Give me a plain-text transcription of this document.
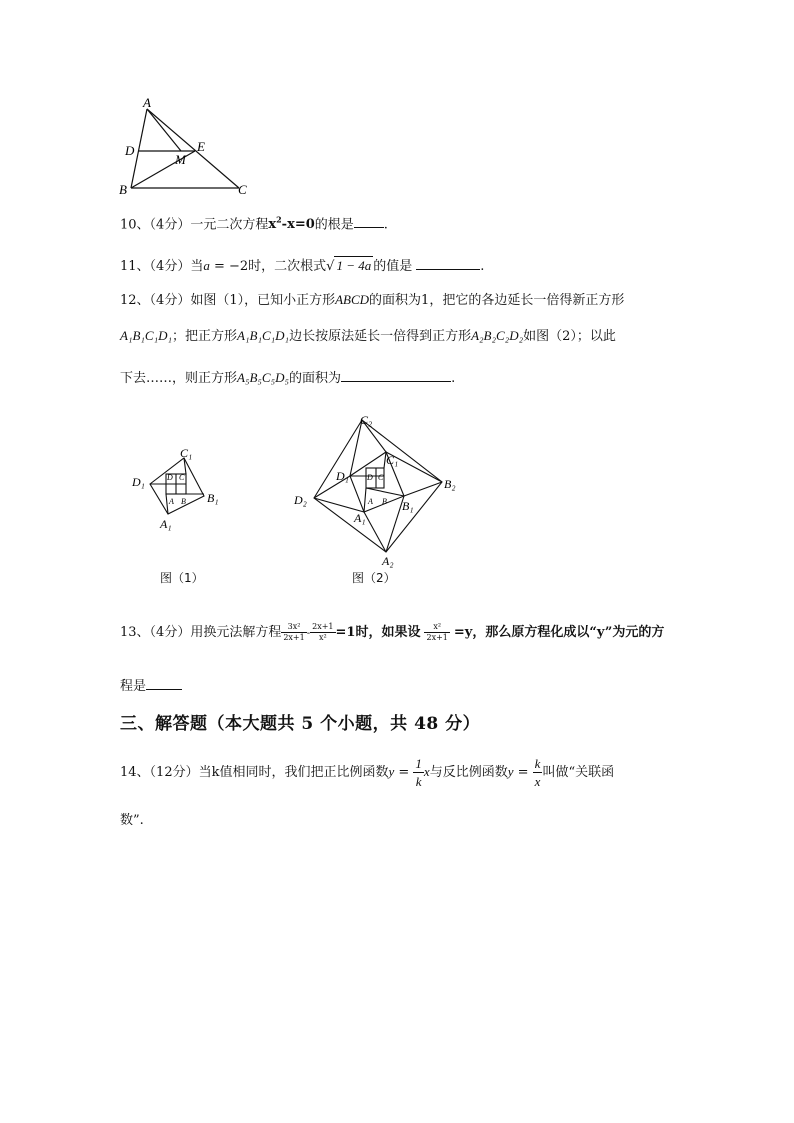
A
D
M
E
B	C
10、（4分）一元二次方程$x^2-x=0$的根是 .
11、（4分）当a = −2时，二次根式√ 1 − 4a 的值是	.
12、（4分）如图（1），已知小正方形ABCD的面积为1，把它的各边延长一倍得新正方形
A₁B₁C₁D₁；把正方形A₁B₁C₁D₁边长按原法延长一倍得到正方形A₂B₂C₂D₂如图（2）；以此
下去……，则正方形A₅B₅C₅D₅的面积为	.
C₁
D₁	D C
A B B₁
A₁
图（1）
C₂
C₁
D₁ D C
A B B₁
A₁
B₂
D₂
A₂
图（2）
13、（4分）用换元法解方程 $\frac{\text{3x²}}{2x+1} - \frac{2x+1}{\text{x²}} =1$时，如果设 $\frac{\text{x²}}{2x+1} =y$，那么原方程化成以“y”为元的方
程是
三、解答题（本大题共 5 个小题，共 48 分）
14、（12分）当k值相同时，我们把正比例函数$y = \frac{1}{k}$ x与反比例函数$y = \frac{k}{x}$ 叫做“关联函
数”.
